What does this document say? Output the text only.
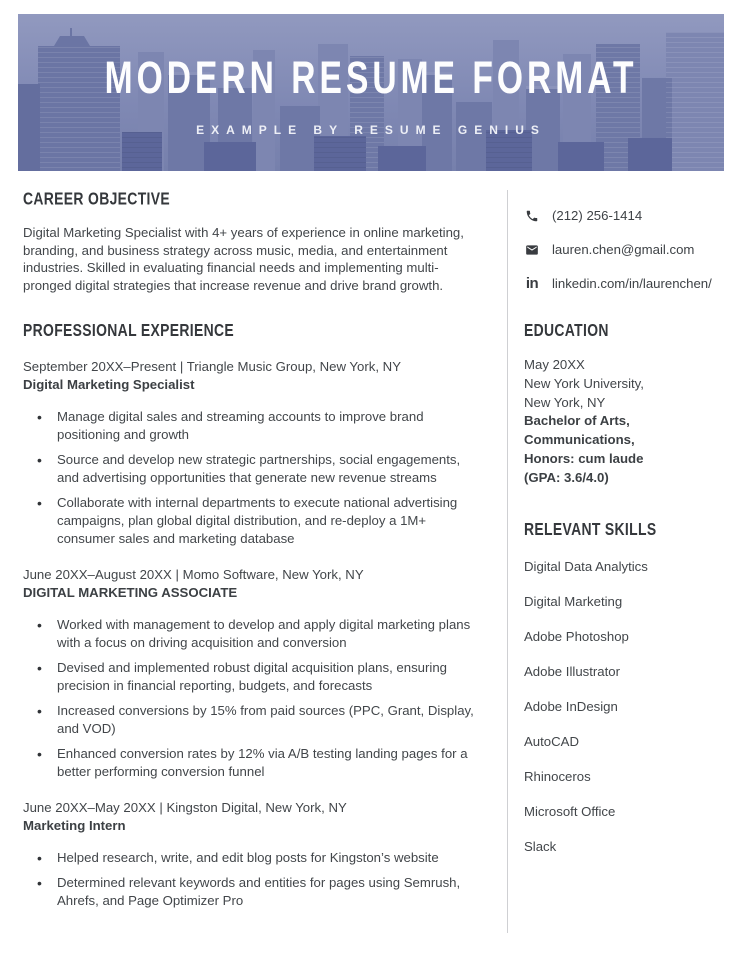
MODERN RESUME FORMAT
EXAMPLE BY RESUME GENIUS
CAREER OBJECTIVE

Digital Marketing Specialist with 4+ years of experience in online marketing, branding, and business strategy across music, media, and entertainment industries. Skilled in evaluating financial needs and implementing multi-pronged digital strategies that increase revenue and drive brand growth.

PROFESSIONAL EXPERIENCE
September 20XX–Present | Triangle Music Group, New York, NY
Digital Marketing Specialist
• Manage digital sales and streaming accounts to improve brand positioning and growth
• Source and develop new strategic partnerships, social engagements, and advertising opportunities that generate new revenue streams
• Collaborate with internal departments to execute national advertising campaigns, plan global digital distribution, and re-deploy a 1M+ consumer sales and marketing database
June 20XX–August 20XX | Momo Software, New York, NY
DIGITAL MARKETING ASSOCIATE
• Worked with management to develop and apply digital marketing plans with a focus on driving acquisition and conversion
• Devised and implemented robust digital acquisition plans, ensuring precision in financial reporting, budgets, and forecasts
• Increased conversions by 15% from paid sources (PPC, Grant, Display, and VOD)
• Enhanced conversion rates by 12% via A/B testing landing pages for a better performing conversion funnel
June 20XX–May 20XX | Kingston Digital, New York, NY
Marketing Intern
• Helped research, write, and edit blog posts for Kingston’s website
• Determined relevant keywords and entities for pages using Semrush, Ahrefs, and Page Optimizer Pro
(212) 256-1414
lauren.chen@gmail.com
in linkedin.com/in/laurenchen/
EDUCATION
May 20XX
New York University,
New York, NY
Bachelor of Arts,
Communications,
Honors: cum laude
(GPA: 3.6/4.0)
RELEVANT SKILLS
Digital Data Analytics
Digital Marketing
Adobe Photoshop
Adobe Illustrator
Adobe InDesign
AutoCAD
Rhinoceros
Microsoft Office
Slack
